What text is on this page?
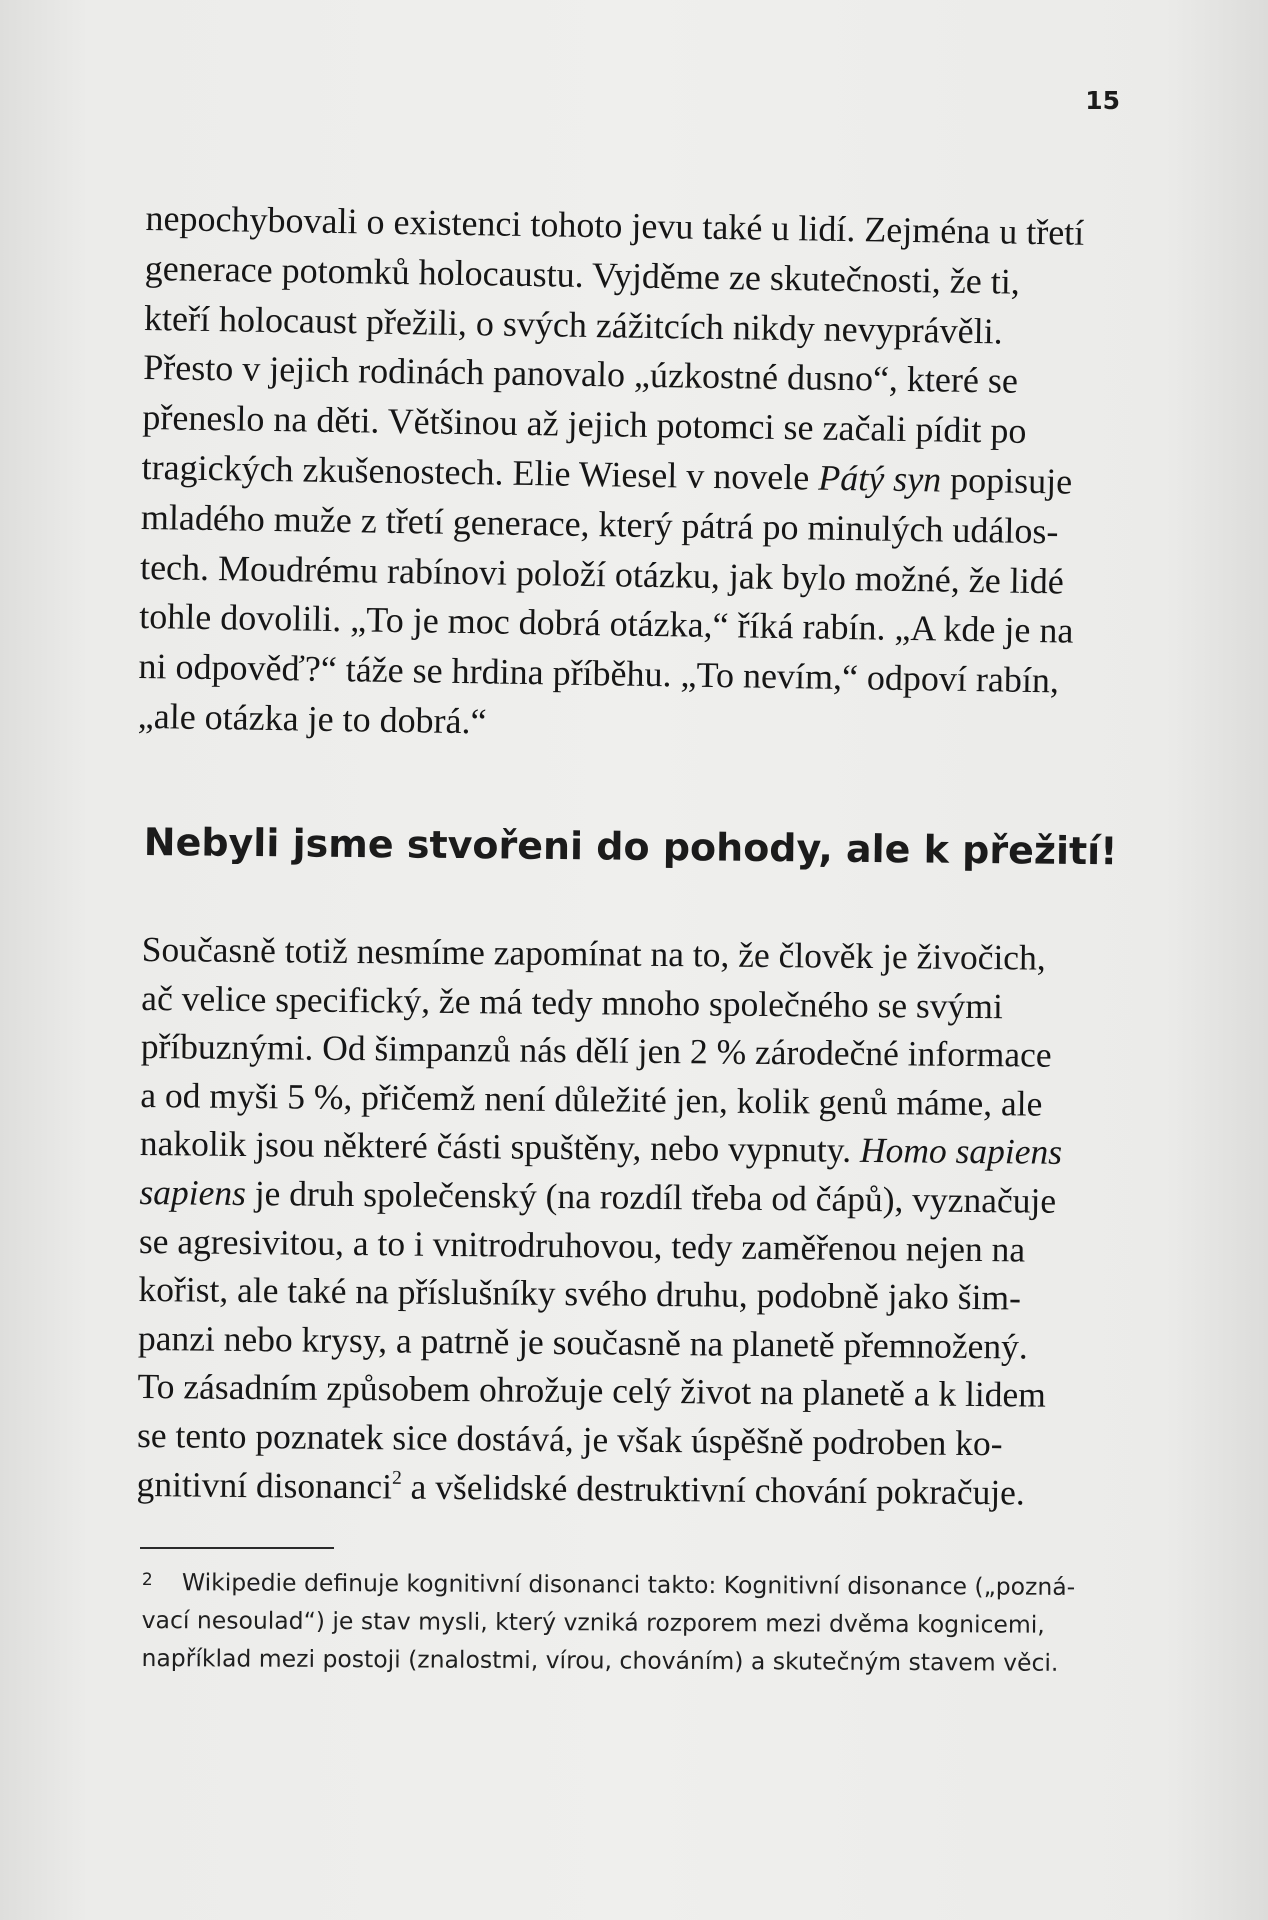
15

nepochybovali o existenci tohoto jevu také u lidí. Zejména u třetí
generace potomků holocaustu. Vyjděme ze skutečnosti, že ti,
kteří holocaust přežili, o svých zážitcích nikdy nevyprávěli.
Přesto v jejich rodinách panovalo „úzkostné dusno“, které se
přeneslo na děti. Většinou až jejich potomci se začali pídit po
tragických zkušenostech. Elie Wiesel v novele Pátý syn popisuje
mladého muže z třetí generace, který pátrá po minulých událos-
tech. Moudrému rabínovi položí otázku, jak bylo možné, že lidé
tohle dovolili. „To je moc dobrá otázka,“ říká rabín. „A kde je na
ni odpověď?“ táže se hrdina příběhu. „To nevím,“ odpoví rabín,
„ale otázka je to dobrá.“

Nebyli jsme stvořeni do pohody, ale k přežití!

Současně totiž nesmíme zapomínat na to, že člověk je živočich,
ač velice specifický, že má tedy mnoho společného se svými
příbuznými. Od šimpanzů nás dělí jen 2 % zárodečné informace
a od myši 5 %, přičemž není důležité jen, kolik genů máme, ale
nakolik jsou některé části spuštěny, nebo vypnuty. Homo sapiens
sapiens je druh společenský (na rozdíl třeba od čápů), vyznačuje
se agresivitou, a to i vnitrodruhovou, tedy zaměřenou nejen na
kořist, ale také na příslušníky svého druhu, podobně jako šim-
panzi nebo krysy, a patrně je současně na planetě přemnožený.
To zásadním způsobem ohrožuje celý život na planetě a k lidem
se tento poznatek sice dostává, je však úspěšně podroben ko-
gnitivní disonanci$^2$ a všelidské destruktivní chování pokračuje.

2 Wikipedie definuje kognitivní disonanci takto: Kognitivní disonance („pozná-
vací nesoulad“) je stav mysli, který vzniká rozporem mezi dvěma kognicemi,
například mezi postoji (znalostmi, vírou, chováním) a skutečným stavem věci.
